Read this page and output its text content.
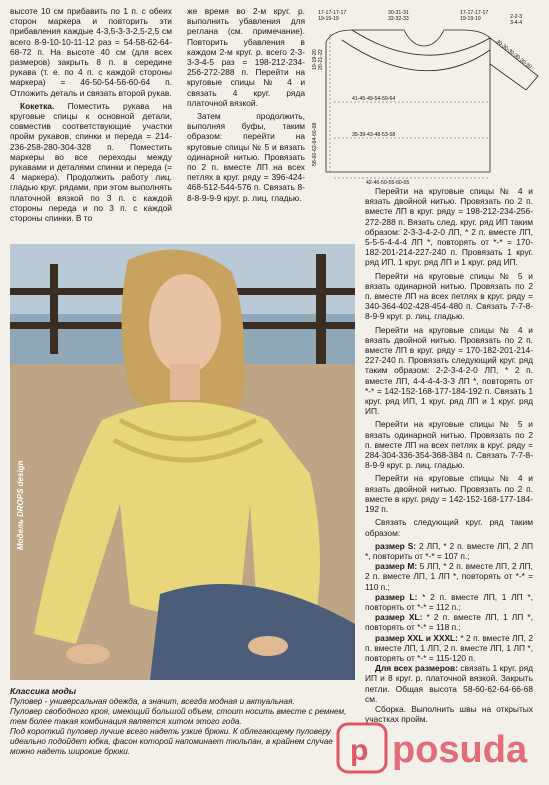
высоте 10 см прибавить по 1 п. с обеих сторон маркера и повторить эти прибавления каждые 4-3,5-3-3-2,5-2,5 см всего 8-9-10-10-11-12 раз = 54-58-62-64-68-72 п. На высоте 40 см (для всех размеров) закрыть 8 п. в середине рукава (т. е. по 4 п. с каждой стороны маркера) = 46-50-54-56-60-64 п. Отложить деталь и связать второй рукав.

Кокетка. Поместить рукава на круговые спицы к основной детали, совместив соответствующие участки пройм рукавов, спинки и переда = 214-236-258-280-304-328 п. Поместить маркеры во все переходы между рукавами и деталями спинки и переда (= 4 маркера). Продолжить работу лиц. гладью круг. рядами, при этом выполнять платочной вязкой по 3 п. с каждой стороны переда и по 3 п. с каждой стороны спинки. В то

же время во 2-м круг. р. выполнить убавления для реглана (см. примечание). Повторить убавления в каждом 2-м круг. р. всего 2-3-3-3-4-5 раз = 198-212-234-256-272-288 п. Перейти на круговые спицы № 4 и связать 4 круг. ряда платочной вязкой.

Затем продолжить, выполняя буфы, таким образом: перейти на круговые спицы № 5 и вязать одинарной нитью. Провязать по 2 п. вместе ЛП на всех петлях в круг. ряду = 396-424-468-512-544-576 п. Связать 8-8-8-9-9-9 круг. р. лиц. гладью.

17-17-17-17
19-19-19
30-31-31
32-32-33
17-17-17-17
19-19-19	2-2-3
3-4-4
30-30-30-30-30-30
41-45-49-54-59-64
35-39-43-48-53-58
42-46-50-55-60-65
58-60-62-64-66-68
19-19-20 20-21-22

Перейти на круговые спицы № 4 и вязать двойной нитью. Провязать по 2 п. вместе ЛП в круг. ряду = 198-212-234-256-272-288 п. Вязать след. круг. ряд ИП таким образом: 2-3-3-4-2-0 ЛП, * 2 п. вместе ЛП, 5-5-5-4-4-4 ЛП *, повторять от *-* = 170-182-201-214-227-240 п. Провязать 1 круг. ряд ИП, 1 круг. ряд ЛП и 1 круг. ряд ИП.

Перейти на круговые спицы № 5 и вязать одинарной нитью. Провязать по 2 п. вместе ЛП на всех петлях в круг. ряду = 340-364-402-428-454-480 п. Связать 7-7-8-8-9-9 круг. р. лиц. гладью.

Перейти на круговые спицы № 4 и вязать двойной нитью. Провязать по 2 п. вместе ЛП в круг. ряду = 170-182-201-214-227-240 п. Провязать следующий круг. ряд таким образом: 2-2-3-4-2-0 ЛП, * 2 п. вместе ЛП, 4-4-4-4-3-3 ЛП *, повторять от *-* = 142-152-168-177-184-192 п. Связать 1 круг. ряд ИП, 1 круг. ряд ЛП и 1 круг. ряд ИП.

Перейти на круговые спицы № 5 и вязать одинарной нитью. Провязать по 2 п. вместе ЛП на всех петлях в круг. ряду = 284-304-336-354-368-384 п. Связать 7-7-8-8-9-9 круг. р. лиц. гладью.

Перейти на круговые спицы № 4 и вязать двойной нитью. Провязать по 2 п. вместе в круг. ряду = 142-152-168-177-184-192 п.

Связать следующий круг. ряд таким образом:

размер S: 2 ЛП, * 2 п. вместе ЛП, 2 ЛП *, повторить от *-* = 107 п.;

размер M: 5 ЛП, * 2 п. вместе ЛП, 2 ЛП, 2 п. вместе ЛП, 1 ЛП *, повторять от *-* = 110 п.;

размер L: * 2 п. вместе ЛП, 1 ЛП *, повторять от *-* = 112 п.;

размер XL: * 2 п. вместе ЛП, 1 ЛП *, повторять от *-* = 118 п.;

размер XXL и XXXL: * 2 п. вместе ЛП, 2 п. вместе ЛП, 1 ЛП, 2 п. вместе ЛП, 1 ЛП *, повторять от *-* = 115-120 п.

Для всех размеров: связать 1 круг. ряд ИП и 8 круг. р. платочной вязкой. Закрыть петли. Общая высота 58-60-62-64-66-68 см.

Сборка. Выполнить швы на открытых участках пройм.

Модель DROPS design
Классика моды

Пуловер - универсальная одежда, а значит, всегда модная и актуальная.

Пуловер свободного кроя, имеющий большой объем, стоит носить вместе с ремнем, тем более такая комбинация является хитом этого года.

Под короткий пуловер лучше всего надеть узкие брюки. К облегающему пуловеру идеально подойдет юбка, фасон которой напоминает тюльпан, в крайнем случае можно надеть широкие брюки.	p posuda
